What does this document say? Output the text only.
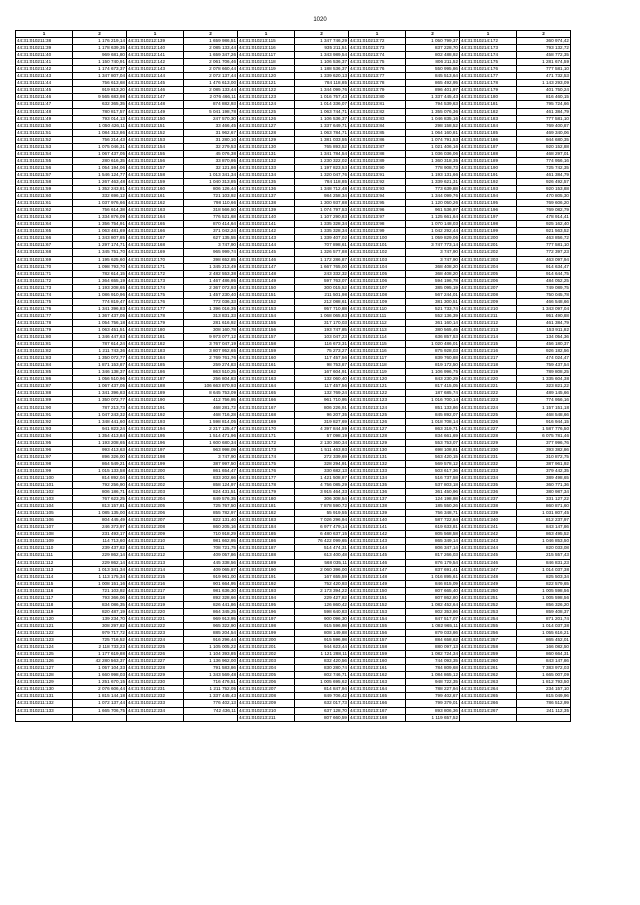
1020
1	2	1	2	1	2	1	2	1	2
44:31:010211:38	1 176 219,14	44:31:010212:139	1 659 986,51	44:31:010213:115	1 347 746,29	44:31:010213:72	1 050 799,37	44:31:010214:172	360 974,42
44:31:010211:39	1 178 639,35	44:31:010212:140	2 085 133,44	44:31:010213:116	935 211,51	44:31:010213:73	837 228,70	44:31:010214:173	793 132,72
44:31:010211:40	969 681,80	44:31:010212:141	1 659 347,26	44:31:010213:117	1 343 989,54	44:31:010213:74	802 488,92	44:31:010214:174	458 772,35
44:31:010211:41	1 150 740,91	44:31:010212:142	2 061 706,46	44:31:010213:118	1 106 536,37	44:31:010213:75	806 211,52	44:31:010214:175	1 281 674,59
44:31:010211:42	1 174 673,37	44:31:010212:143	2 078 660,44	44:31:010213:119	1 188 536,37	44:31:010213:76	550 995,86	44:31:010214:176	777 581,10
44:31:010211:43	1 347 807,04	44:31:010212:144	2 072 137,44	44:31:010213:120	1 339 620,13	44:31:010213:77	845 513,64	44:31:010214:177	471 732,53
44:31:010211:44	756 613,68	44:31:010212:145	1 476 613,00	44:31:010213:121	784 118,85	44:31:010213:78	865 492,95	44:31:010214:178	1 143 293,09
44:31:010211:45	919 813,20	44:31:010212:146	2 085 133,44	44:31:010213:122	1 344 099,76	44:31:010213:79	896 401,97	44:31:010214:179	401 750,24
44:31:010211:46	9 565 683,98	44:31:010212:147	2 076 466,11	44:31:010213:123	1 016 757,43	44:31:010213:80	1 337 445,43	44:31:010214:180	816 460,15
44:31:010211:47	632 365,35	44:31:010212:148	874 882,93	44:31:010213:124	1 014 336,07	44:31:010213:81	794 539,63	44:31:010214:181	795 724,66
44:31:010211:48	780 817,57	44:31:010212:149	5 041 198,78	44:31:010213:125	1 063 744,71	44:31:010213:82	1 355 076,36	44:31:010214:182	461 384,79
44:31:010211:49	793 014,13	44:31:010212:150	247 570,30	44:31:010213:126	1 106 536,37	44:31:010213:83	1 046 835,16	44:31:010214:183	777 581,10
44:31:010211:50	1 050 426,11	44:31:010212:151	33 466,45	44:31:010213:127	1 337 649,71	44:31:010213:84	298 158,52	44:31:010214:184	769 400,87
44:31:010211:51	1 084 313,86	44:31:010212:152	31 962,67	44:31:010213:128	1 063 784,71	44:31:010213:85	1 064 160,81	44:31:010214:185	469 340,06
44:31:010211:52	756 214,43	44:31:010212:153	31 280,10	44:31:010213:129	1 381 033,55	44:31:010213:86	1 074 791,53	44:31:010214:186	944 680,35
44:31:010211:53	1 075 046,31	44:31:010212:154	32 279,53	44:31:010213:130	765 893,52	44:31:010213:87	1 021 406,16	44:31:010214:187	920 152,88
44:31:010211:54	1 067 437,05	44:31:010212:155	45 076,38	44:31:010213:131	1 341 784,54	44:31:010213:88	1 036 036,06	44:31:010214:188	468 297,01
44:31:010211:55	280 616,35	44:31:010212:156	33 870,95	44:31:010213:132	1 230 322,02	44:31:010213:89	1 360 318,35	44:31:010214:189	774 956,16
44:31:010211:56	1 054 194,06	44:31:010212:157	32 121,86	44:31:010213:133	1 197 823,53	44:31:010213:90	778 908,73	44:31:010214:190	725 742,35
44:31:010211:57	1 546 124,77	44:31:010212:158	1 013 341,34	44:31:010213:134	1 320 047,76	44:31:010213:91	1 193 131,66	44:31:010214:191	461 384,79
44:31:010211:58	1 267 463,48	44:31:010212:159	1 040 313,85	44:31:010213:135	784 118,85	44:31:010213:92	1 339 621,31	44:31:010214:192	926 492,57
44:31:010211:59	1 352 243,81	44:31:010212:160	806 126,44	44:31:010213:136	1 348 712,48	44:31:010213:93	773 639,88	44:31:010214:193	920 153,88
44:31:010211:60	332 696,12	44:31:010212:161	721 103,92	44:31:010213:137	984 258,34	44:31:010213:94	1 344 099,76	44:31:010214:194	470 805,30
44:31:010211:61	1 037 976,66	44:31:010212:162	798 110,66	44:31:010213:138	1 300 937,88	44:31:010213:95	1 120 050,26	44:31:010214:195	769 606,20
44:31:010211:62	756 614,38	44:31:010212:163	318 566,50	44:31:010213:139	1 074 797,53	44:31:010213:96	961 536,97	44:31:010214:196	769 082,79
44:31:010211:63	1 334 876,09	44:31:010212:164	776 521,68	44:31:010213:140	1 107 290,83	44:31:010213:97	1 125 661,64	44:31:010214:197	478 914,41
44:31:010211:64	1 356 754,91	44:31:010212:165	870 414,64	44:31:010213:141	1 335 328,34	44:31:010213:98	1 070 148,03	44:31:010214:198	925 162,40
44:31:010211:65	1 063 481,69	44:31:010212:166	371 042,24	44:31:010213:142	1 335 328,34	44:31:010213:99	1 042 292,44	44:31:010214:199	921 563,52
44:31:010211:66	1 343 807,85	44:31:010212:167	627 135,55	44:31:010213:143	1 339 407,02	44:31:010213:100	1 059 829,06	44:31:010214:200	463 856,72
44:31:010211:67	1 297 174,71	44:31:010212:168	3 747,90	44:31:010213:144	707 898,61	44:31:010213:101	3 747 773,14	44:31:010214:201	777 581,10
44:31:010211:68	1 345 751,70	44:31:010212:169	965 999,74	44:31:010213:145	1 326 577,88	44:31:010213:102	3 747,90	44:31:010214:202	772 397,23
44:31:010211:69	1 195 625,60	44:31:010212:170	398 652,85	44:31:010213:146	1 172 286,87	44:31:010213:103	3 747,90	44:31:010214:203	463 097,94
44:31:010211:70	1 098 793,70	44:31:010212:171	1 345 213,49	44:31:010213:147	1 667 765,00	44:31:010213:104	368 408,20	44:31:010214:204	914 634,47
44:31:010211:71	782 614,15	44:31:010212:172	2 482 553,38	44:31:010213:148	243 332,32	44:31:010213:105	368 408,20	44:31:010214:205	914 644,75
44:31:010211:72	1 364 655,19	44:31:010212:173	1 467 486,95	44:31:010213:149	597 763,07	44:31:010213:106	594 196,78	44:31:010214:206	484 052,25
44:31:010211:73	1 193 208,65	44:31:010212:174	2 367 072,93	44:31:010213:150	300 015,52	44:31:010213:107	385 095,19	44:31:010214:207	749 089,75
44:31:010211:74	1 086 910,96	44:31:010212:175	1 457 230,40	44:31:010213:151	211 501,98	44:31:010213:108	567 244,01	44:31:010214:208	750 045,78
44:31:010211:75	774 819,47	44:31:010212:176	772 036,33	44:31:010213:152	212 088,61	44:31:010213:109	381 300,51	44:31:010214:209	466 548,66
44:31:010211:76	1 341 396,83	44:31:010212:177	1 396 016,35	44:31:010213:153	957 710,88	44:31:010213:110	521 733,74	44:31:010214:210	1 343 097,04
44:31:010211:77	1 367 437,05	44:31:010212:178	313 831,33	44:31:010213:154	1 068 065,83	44:31:010213:111	552 136,39	44:31:010214:211	951 490,88
44:31:010211:78	1 054 756,18	44:31:010212:179	281 616,92	44:31:010213:155	317 170,03	44:31:010213:112	361 160,14	44:31:010214:212	461 384,79
44:31:010211:79	1 063 451,51	44:31:010212:180	308 160,78	44:31:010213:156	193 747,85	44:31:010213:113	380 565,45	44:31:010214:213	153 911,82
44:31:010211:80	1 346 447,63	44:31:010212:181	9 973 077,12	44:31:010213:157	103 047,23	44:31:010213:114	636 857,53	44:31:010214:214	134 054,36
44:31:010211:81	787 614,24	44:31:010212:182	3 767 047,19	44:31:010213:158	116 673,31	44:31:010213:115	1 020 486,01	44:31:010214:215	456 180,37
44:31:010211:82	1 211 743,36	44:31:010212:183	3 807 952,65	44:31:010213:159	75 273,27	44:31:010213:116	875 928,03	44:31:010214:216	926 182,56
44:31:010211:83	1 350 072,77	44:31:010212:184	2 769 761,76	44:31:010213:160	117 457,56	44:31:010213:117	839 760,88	44:31:010214:217	474 024,47
44:31:010211:84	1 871 153,87	44:31:010212:185	259 274,83	44:31:010213:161	98 753,87	44:31:010213:118	819 172,50	44:31:010214:218	759 437,54
44:31:010211:85	1 346 138,37	44:31:010212:186	863 510,25	44:31:010213:162	167 604,91	44:31:010213:119	1 106 996,75	44:31:010214:219	789 808,25
44:31:010211:86	1 056 510,96	44:31:010212:187	256 804,83	44:31:010213:163	132 060,40	44:31:010213:120	843 230,29	44:31:010214:220	1 335 604,38
44:31:010211:87	1 067 437,05	44:31:010212:188	106 663 870,93	44:31:010213:164	117 457,56	44:31:010213:121	817 415,05	44:31:010214:221	323 821,22
44:31:010211:88	1 341 396,83	44:31:010212:189	8 645 753,09	44:31:010213:165	132 769,24	44:31:010213:122	187 685,74	44:31:010214:222	489 145,66
44:31:010211:89	1 350 072,77	44:31:010212:190	412 756,95	44:31:010213:166	961 710,95	44:31:010213:123	1 016 700,14	44:31:010214:223	774 956,16
44:31:010211:90	787 213,73	44:31:010212:191	468 281,72	44:31:010213:167	806 226,91	44:31:010213:124	851 133,86	44:31:010214:224	1 157 151,18
44:31:010211:91	1 047 243,32	44:31:010212:192	468 716,28	44:31:010213:168	96 207,35	44:31:010213:125	845 892,07	44:31:010214:225	468 548,66
44:31:010211:92	1 348 441,60	44:31:010212:193	1 598 814,05	44:31:010213:169	319 827,69	44:31:010213:126	1 018 708,14	44:31:010214:226	916 944,15
44:31:010211:93	941 823,24	44:31:010212:194	2 217 125,47	44:31:010213:170	4 397 844,59	44:31:010213:127	863 319,71	44:31:010214:227	1 587 776,50
44:31:010211:94	1 354 413,84	44:31:010212:195	1 514 471,96	44:31:010213:171	57 098,19	44:31:010213:128	834 661,69	44:31:010214:228	6 075 781,46
44:31:010211:95	1 193 208,65	44:31:010212:196	1 600 680,34	44:31:010213:172	2 130 360,34	44:31:010213:129	553 753,07	44:31:010214:229	377 996,76
44:31:010211:96	993 413,63	44:31:010212:197	963 998,09	44:31:010213:173	1 511 463,93	44:31:010213:130	698 108,81	44:31:010214:230	393 382,86
44:31:010211:97	896 326,00	44:31:010212:198	3 747,90	44:31:010213:174	272 339,69	44:31:010213:131	563 420,15	44:31:010214:231	310 872,75
44:31:010211:98	864 549,21	44:31:010212:199	387 997,50	44:31:010213:175	328 294,91	44:31:010213:132	569 578,12	44:31:010214:232	387 961,92
44:31:010211:99	1 015 133,58	44:31:010212:200	861 654,47	44:31:010213:176	330 682,13	44:31:010213:133	503 617,36	44:31:010214:233	379 442,35
44:31:010211:100	814 892,04	44:31:010212:201	833 202,66	44:31:010213:177	1 421 508,87	44:31:010213:134	516 737,58	44:31:010214:234	389 498,65
44:31:010211:101	792 256,90	44:31:010212:202	858 124,97	44:31:010213:178	4 756 085,29	44:31:010213:135	537 803,18	44:31:010214:235	360 771,36
44:31:010211:102	806 186,71	44:31:010212:203	824 431,51	44:31:010213:179	3 915 464,33	44:31:010213:136	361 450,96	44:31:010214:236	380 987,34
44:31:010211:103	767 623,25	44:31:010212:204	849 576,35	44:31:010213:180	306 308,54	44:31:010213:137	124 198,98	44:31:010214:237	331 127,22
44:31:010211:104	813 157,81	44:31:010212:205	725 767,50	44:31:010213:181	7 878 590,72	44:31:010213:138	185 550,26	44:31:010214:238	860 871,60
44:31:010211:105	1 085 135,00	44:31:010212:206	855 782,97	44:31:010213:182	55 919,55	44:31:010213:139	756 348,71	44:31:010214:239	1 031 807,45
44:31:010211:106	804 445,49	44:31:010212:207	822 131,40	44:31:010213:183	7 026 296,94	44:31:010213:140	587 722,64	44:31:010214:240	812 237,97
44:31:010211:107	246 373,97	44:31:010212:208	860 205,16	44:31:010213:184	6 977 479,14	44:31:010213:141	619 633,81	44:31:010214:241	843 147,86
44:31:010211:108	231 493,17	44:31:010212:209	710 918,29	44:31:010213:185	6 480 637,15	44:31:010213:142	805 568,58	44:31:010214:242	863 495,52
44:31:010211:109	114 713,60	44:31:010212:210	981 662,95	44:31:010213:186	76 422 099,65	44:31:010213:143	865 349,14	44:31:010214:243	1 046 853,50
44:31:010211:110	239 437,82	44:31:010212:211	708 721,75	44:31:010213:187	514 474,31	44:31:010213:144	806 347,14	44:31:010214:244	820 033,08
44:31:010211:111	229 862,14	44:31:010212:212	409 057,86	44:31:010213:188	613 400,48	44:31:010213:145	817 266,03	44:31:010214:245	215 557,43
44:31:010211:112	229 862,14	44:31:010212:213	445 338,56	44:31:010213:189	568 035,11	44:31:010213:146	876 179,54	44:31:010214:246	846 831,23
44:31:010211:113	1 013 341,34	44:31:010212:214	409 065,87	44:31:010213:190	2 060 396,00	44:31:010213:147	837 691,41	44:31:010214:247	1 014 037,38
44:31:010211:114	1 113 175,34	44:31:010212:215	919 961,00	44:31:010213:191	167 655,59	44:31:010213:148	1 016 895,61	44:31:010214:248	825 503,34
44:31:010211:115	1 008 151,16	44:31:010212:216	901 664,95	44:31:010213:192	752 420,93	44:31:010213:149	846 815,09	44:31:010214:249	822 579,65
44:31:010211:116	721 103,92	44:31:010212:217	981 636,30	44:31:010213:193	2 173 394,22	44:31:010213:150	807 665,40	44:31:010214:250	1 005 598,56
44:31:010211:117	793 366,06	44:31:010212:218	892 328,66	44:31:010213:194	229 427,82	44:31:010213:151	807 862,80	44:31:010214:251	1 005 598,56
44:31:010211:118	834 086,35	44:31:010212:219	826 441,86	44:31:010213:195	126 860,42	44:31:010213:152	1 082 452,64	44:31:010214:252	856 326,20
44:31:010211:119	820 487,19	44:31:010212:220	864 345,25	44:31:010213:196	598 640,83	44:31:010213:153	802 353,86	44:31:010214:253	859 408,37
44:31:010211:120	139 234,70	44:31:010212:221	969 913,95	44:31:010213:197	900 096,30	44:31:010213:154	847 517,07	44:31:010214:254	871 201,74
44:31:010211:121	308 297,82	44:31:010212:222	965 322,90	44:31:010213:198	915 596,98	44:31:010213:155	1 082 965,11	44:31:010214:255	1 014 037,38
44:31:010211:122	979 717,72	44:31:010212:223	885 204,54	44:31:010213:199	808 149,88	44:31:010213:156	879 033,86	44:31:010214:256	1 055 616,21
44:31:010211:123	725 716,52	44:31:010212:224	916 296,44	44:31:010213:200	915 596,98	44:31:010213:157	884 658,62	44:31:010214:257	865 452,01
44:31:010211:124	2 118 733,23	44:31:010212:225	1 105 005,22	44:31:010213:201	944 623,44	44:31:010213:158	880 097,13	44:31:010214:258	166 082,50
44:31:010211:125	1 177 619,88	44:31:010212:226	1 104 393,85	44:31:010213:202	1 121 288,11	44:31:010213:159	1 082 724,34	44:31:010214:259	860 664,31
44:31:010211:126	42 280 563,37	44:31:010212:227	1 136 962,00	44:31:010213:203	832 420,56	44:31:010213:160	744 093,35	44:31:010214:260	843 147,86
44:31:010211:127	1 057 104,33	44:31:010212:228	791 583,86	44:31:010213:204	830 280,74	44:31:010213:161	784 809,68	44:31:010214:261	7 383 972,03
44:31:010211:128	1 660 998,03	44:31:010212:229	1 343 569,48	44:31:010213:205	802 746,71	44:31:010213:162	1 084 865,12	44:31:010214:262	1 665 007,09
44:31:010211:129	1 251 670,15	44:31:010212:230	716 476,51	44:31:010213:206	1 005 695,62	44:31:010213:163	948 722,35	44:31:010214:263	1 812 793,50
44:31:010211:130	2 076 606,44	44:31:010212:231	1 211 752,05	44:31:010213:207	814 847,94	44:31:010213:164	788 227,94	44:31:010214:264	234 157,10
44:31:010211:131	1 815 144,18	44:31:010212:232	1 337 445,43	44:31:010213:208	849 706,42	44:31:010213:165	799 402,67	44:31:010214:265	815 049,96
44:31:010211:132	1 072 137,44	44:31:010212:233	776 402,13	44:31:010213:209	632 017,73	44:31:010213:166	799 379,01	44:31:010214:266	786 512,99
44:31:010211:133	1 665 706,75	44:31:010212:234	742 436,11	44:31:010213:210	637 128,70	44:31:010213:167	893 806,36	44:31:010214:267	241 112,35
				44:31:010213:211	807 660,59	44:31:010213:168	1 119 657,52		
